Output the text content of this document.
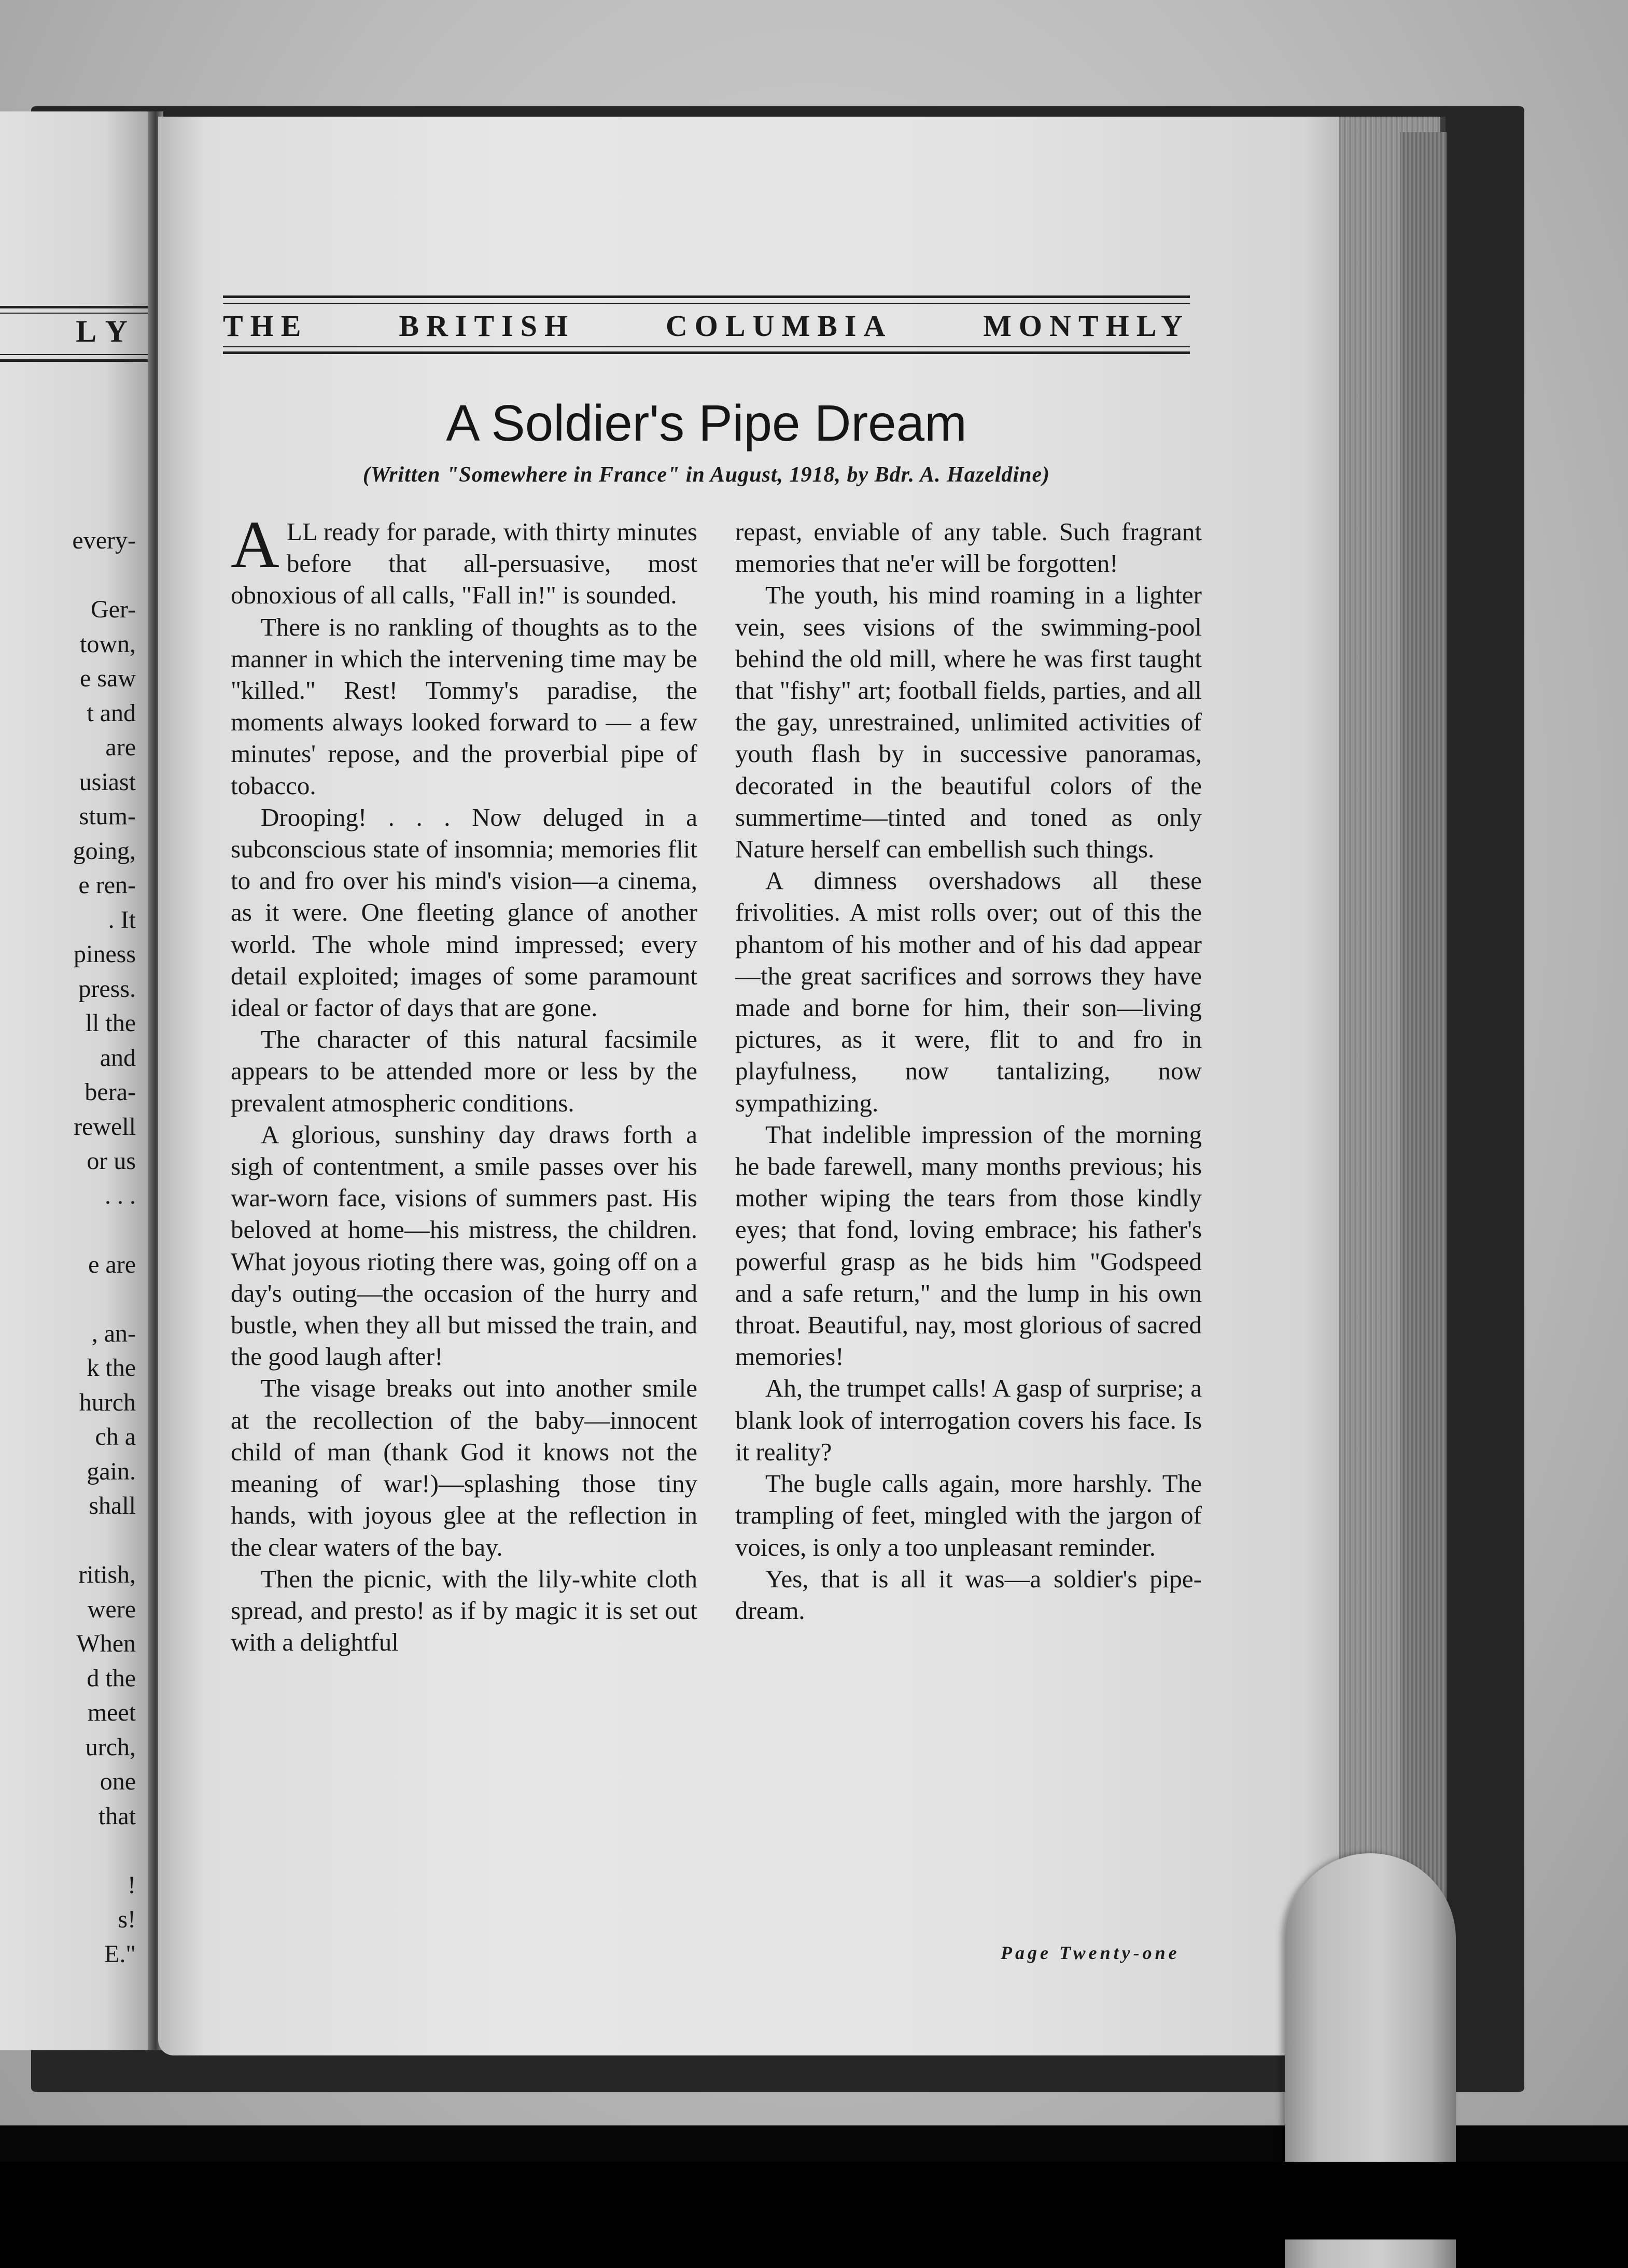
LY
every-
Ger-
town,
e saw
t and
are
usiast
stum-
going,
e ren-
. It
piness
press.
ll the
and
bera-
rewell
or us
. . .
e are
, an-
k the
hurch
ch a
gain.
shall
ritish,
were
When
d the
meet
urch,
one
that
!
s!
E."
THE	BRITISH	COLUMBIA	MONTHLY
A Soldier's Pipe Dream
(Written "Somewhere in France" in August, 1918, by Bdr. A. Hazeldine)

ALL ready for parade, with thirty minutes before that all-persuasive, most obnoxious of all calls, "Fall in!" is sounded.

There is no rankling of thoughts as to the manner in which the intervening time may be "killed." Rest! Tommy's paradise, the moments always looked forward to — a few minutes' repose, and the proverbial pipe of tobacco.

Drooping! . . . Now deluged in a subconscious state of insomnia; memories flit to and fro over his mind's vision—a cinema, as it were. One fleeting glance of another world. The whole mind impressed; every detail exploited; images of some paramount ideal or factor of days that are gone.

The character of this natural facsimile appears to be attended more or less by the prevalent atmospheric conditions.

A glorious, sunshiny day draws forth a sigh of contentment, a smile passes over his war-worn face, visions of summers past. His beloved at home—his mistress, the children. What joyous rioting there was, going off on a day's outing—the occasion of the hurry and bustle, when they all but missed the train, and the good laugh after!

The visage breaks out into another smile at the recollection of the baby—innocent child of man (thank God it knows not the meaning of war!)—splashing those tiny hands, with joyous glee at the reflection in the clear waters of the bay.

Then the picnic, with the lily-white cloth spread, and presto! as if by magic it is set out with a delightful

repast, enviable of any table. Such fragrant memories that ne'er will be forgotten!

The youth, his mind roaming in a lighter vein, sees visions of the swimming-pool behind the old mill, where he was first taught that "fishy" art; football fields, parties, and all the gay, unrestrained, unlimited activities of youth flash by in successive panoramas, decorated in the beautiful colors of the summertime—tinted and toned as only Nature herself can embellish such things.

A dimness overshadows all these frivolities. A mist rolls over; out of this the phantom of his mother and of his dad appear—the great sacrifices and sorrows they have made and borne for him, their son—living pictures, as it were, flit to and fro in playfulness, now tantalizing, now sympathizing.

That indelible impression of the morning he bade farewell, many months previous; his mother wiping the tears from those kindly eyes; that fond, loving embrace; his father's powerful grasp as he bids him "Godspeed and a safe return," and the lump in his own throat. Beautiful, nay, most glorious of sacred memories!

Ah, the trumpet calls! A gasp of surprise; a blank look of interrogation covers his face. Is it reality?

The bugle calls again, more harshly. The trampling of feet, mingled with the jargon of voices, is only a too unpleasant reminder.

Yes, that is all it was—a soldier's pipe-dream.

Page Twenty-one
